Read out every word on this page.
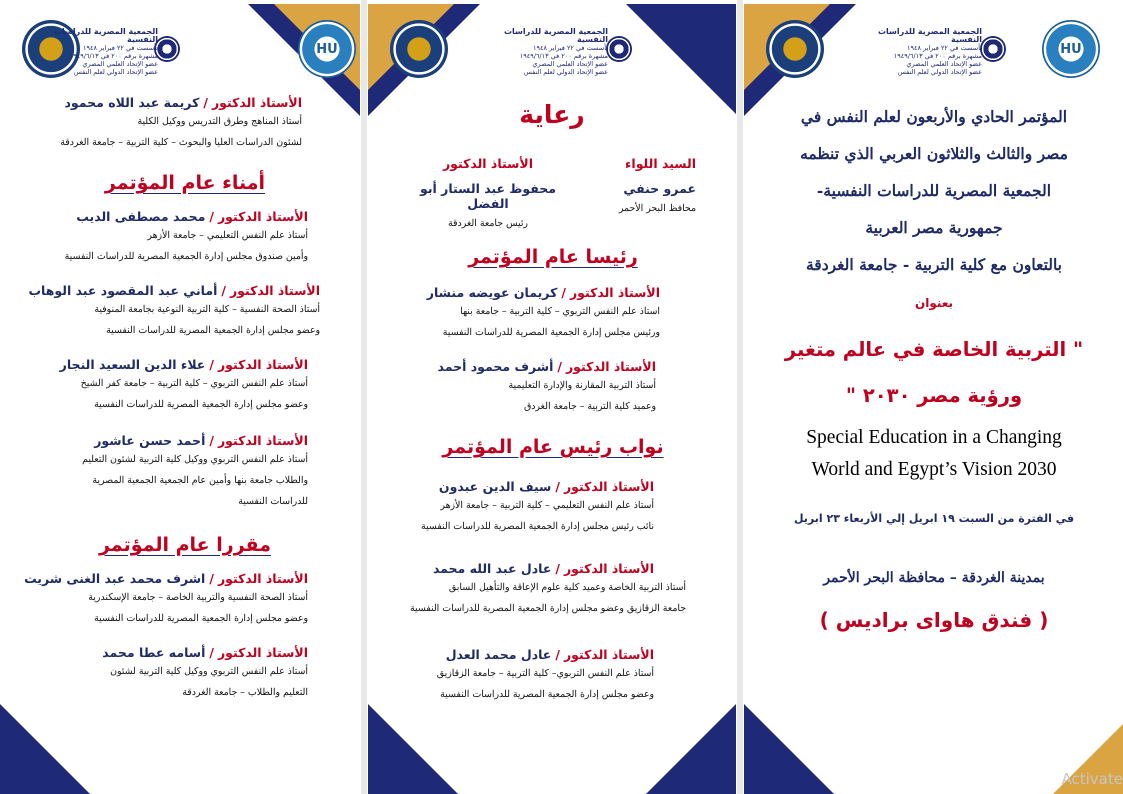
الجمعية المصرية للدراسات النفسية
تأسست في ٢٢ فبراير ١٩٤٨
مشهرة برقم ٢٠٠ في ١٩٤٩/٦/١٣
عضو الإتحاد العلمي المصري
عضو الإتحاد الدولي لعلم النفس
HU
الأستاذ الدكتور/كريمة عبد اللاه محمود
أستاذ المناهج وطرق التدريس ووكيل الكلية
لشئون الدراسات العليا والبحوث – كلية التربية – جامعة الغردقة
أمناء عام المؤتمر
الأستاذ الدكتور/محمد مصطفى الديب
أستاذ علم النفس التعليمي – جامعة الأزهر
وأمين صندوق مجلس إدارة الجمعية المصرية للدراسات النفسية
الأستاذ الدكتور/أماني عبد المقصود عبد الوهاب
أستاذ الصحة النفسية – كلية التربية النوعية بجامعة المنوفية
وعضو مجلس إدارة الجمعية المصرية للدراسات النفسية
الأستاذ الدكتور/علاء الدين السعيد النجار
أستاذ علم النفس التربوي – كلية التربية – جامعة كفر الشيخ
وعضو مجلس إدارة الجمعية المصرية للدراسات النفسية
الأستاذ الدكتور/أحمد حسن عاشور
أستاذ علم النفس التربوي ووكيل كلية التربية لشئون التعليم
والطلاب جامعة بنها وأمين عام الجمعية الجمعية المصرية
للدراسات النفسية
مقررا عام المؤتمر
الأستاذ الدكتور/اشرف محمد عبد الغنى شريت
أستاذ الصحة النفسية والتربية الخاصة – جامعة الإسكندرية
وعضو مجلس إدارة الجمعية المصرية للدراسات النفسية
الأستاذ الدكتور/أسامه عطا محمد
أستاذ علم النفس التربوي ووكيل كلية التربية لشئون
التعليم والطلاب – جامعة الغردقة
الجمعية المصرية للدراسات النفسية
تأسست في ٢٢ فبراير ١٩٤٨
مشهرة برقم ٢٠٠ في ١٩٤٩/٦/١٣
عضو الإتحاد العلمي المصري
عضو الإتحاد الدولي لعلم النفس
رعاية
السيد اللواء
عمرو حنفي
محافظ البحر الأحمر
الأستاذ الدكتور
محفوظ عبد الستار أبو الفضل
رئيس جامعة الغردقة
رئيسا عام المؤتمر
الأستاذ الدكتور/كريمان عويضه منشار
استاذ علم النفس التربوي – كلية التربية – جامعة بنها
ورئيس مجلس إدارة الجمعية المصرية للدراسات النفسية
الأستاذ الدكتور/أشرف محمود أحمد
أستاذ التربية المقارنة والإدارة التعليمية
وعميد كلية التربية – جامعة الغردق
نواب رئيس عام المؤتمر
الأستاذ الدكتور/سيف الدين عبدون
أستاذ علم النفس التعليمي – كلية التربية – جامعة الأزهر
نائب رئيس مجلس إدارة الجمعية المصرية للدراسات النفسية
الأستاذ الدكتور/عادل عبد الله محمد
أستاذ التربية الخاصة وعميد كلية علوم الإعاقة والتأهيل السابق
جامعة الزقازيق وعضو مجلس إدارة الجمعية المصرية للدراسات النفسية
الأستاذ الدكتور/عادل محمد العدل
أستاذ علم النفس التربوي– كلية التربية – جامعة الزقازيق
وعضو مجلس إدارة الجمعية المصرية للدراسات النفسية
الجمعية المصرية للدراسات النفسية
تأسست في ٢٢ فبراير ١٩٤٨
مشهرة برقم ٢٠٠ في ١٩٤٩/٦/١٣
عضو الإتحاد العلمي المصري
عضو الإتحاد الدولي لعلم النفس
HU
المؤتمر الحادي والأربعون لعلم النفس في
مصر والثالث والثلاثون العربي الذي تنظمه
الجمعية المصرية للدراسات النفسية-
جمهورية مصر العربية
بالتعاون مع كلية التربية - جامعة الغردقة
بعنوان
" التربية الخاصة في عالم متغير
ورؤية مصر ٢٠٣٠ "
Special Education in a Changing
World and Egypt’s Vision 2030
في الفترة من السبت ١٩ ابريل إلي الأربعاء ٢٣ ابريل
بمدينة الغردقة – محافظة البحر الأحمر
( فندق هاواى براديس )
Activate
